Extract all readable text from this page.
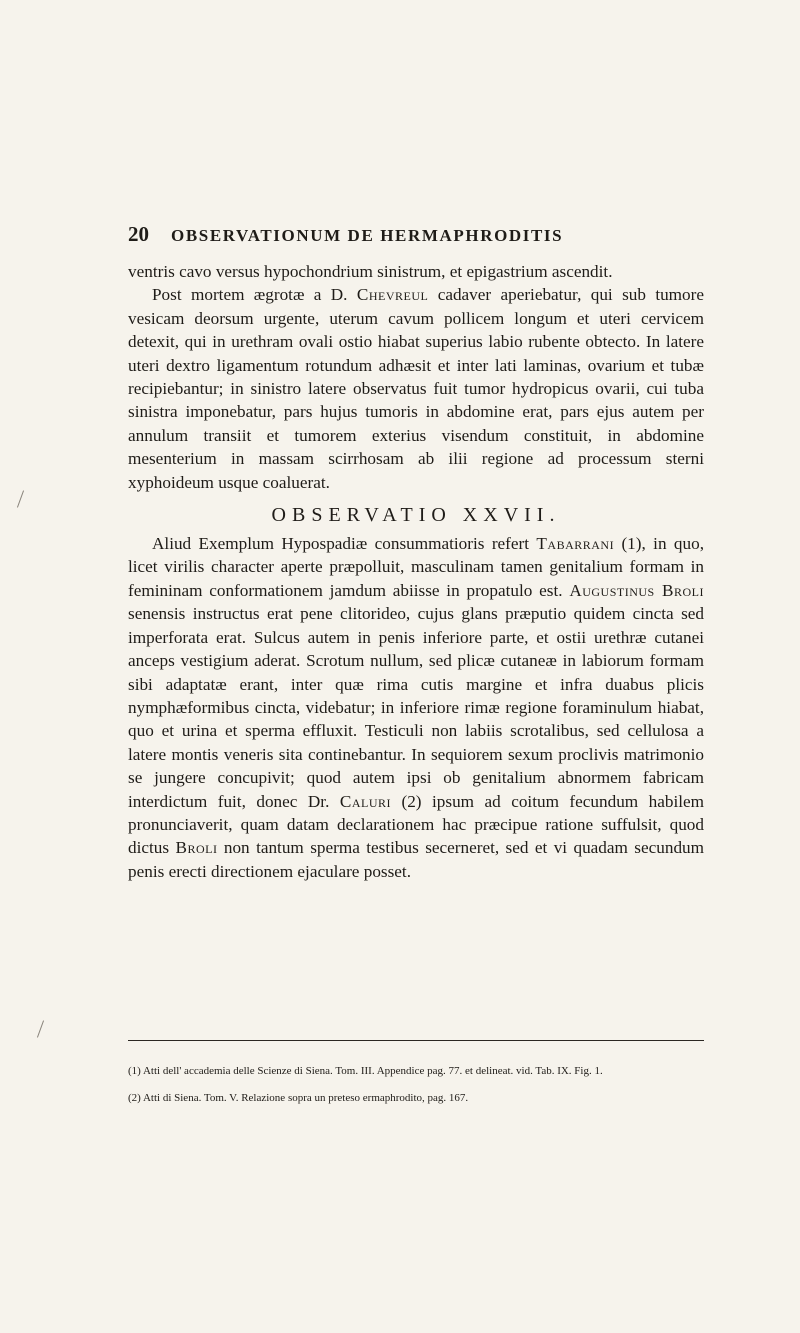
20 OBSERVATIONUM DE HERMAPHRODITIS

ventris cavo versus hypochondrium sinistrum, et epigastrium ascendit.

Post mortem ægrotæ a D. Chevreul cadaver aperiebatur, qui sub tumore vesicam deorsum urgente, uterum cavum pollicem longum et uteri cervicem detexit, qui in urethram ovali ostio hiabat superius labio rubente obtecto. In latere uteri dextro ligamentum rotundum adhæsit et inter lati laminas, ovarium et tubæ recipiebantur; in sinistro latere observatus fuit tumor hydropicus ovarii, cui tuba sinistra imponebatur, pars hujus tumoris in abdomine erat, pars ejus autem per annulum transiit et tumorem exterius visendum constituit, in abdomine mesenterium in massam scirrhosam ab ilii regione ad processum sterni xyphoideum usque coaluerat.

OBSERVATIO XXVII.

Aliud Exemplum Hypospadiæ consummatioris refert Tabarrani (1), in quo, licet virilis character aperte præpolluit, masculinam tamen genitalium formam in femininam conformationem jamdum abiisse in propatulo est. Augustinus Broli senensis instructus erat pene clitorideo, cujus glans præputio quidem cincta sed imperforata erat. Sulcus autem in penis inferiore parte, et ostii urethræ cutanei anceps vestigium aderat. Scrotum nullum, sed plicæ cutaneæ in labiorum formam sibi adaptatæ erant, inter quæ rima cutis margine et infra duabus plicis nymphæformibus cincta, videbatur; in inferiore rimæ regione foraminulum hiabat, quo et urina et sperma effluxit. Testiculi non labiis scrotalibus, sed cellulosa a latere montis veneris sita continebantur. In sequiorem sexum proclivis matrimonio se jungere concupivit; quod autem ipsi ob genitalium abnormem fabricam interdictum fuit, donec Dr. Caluri (2) ipsum ad coitum fecundum habilem pronunciaverit, quam datam declarationem hac præcipue ratione suffulsit, quod dictus Broli non tantum sperma testibus secerneret, sed et vi quadam secundum penis erecti directionem ejaculare posset.

(1) Atti dell' accademia delle Scienze di Siena. Tom. III. Appendice pag. 77. et delineat. vid. Tab. IX. Fig. 1.

(2) Atti di Siena. Tom. V. Relazione sopra un preteso ermaphrodito, pag. 167.
